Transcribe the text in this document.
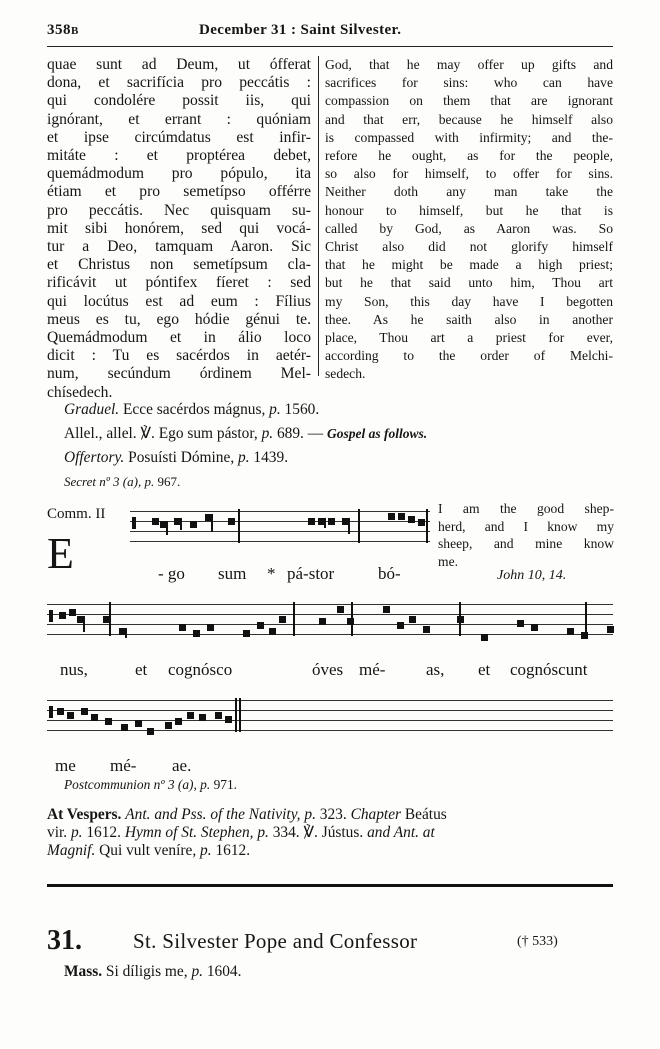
358B	December 31 : Saint Silvester.
quae sunt ad Deum, ut ófferat
dona, et sacrifícia pro peccátis :
qui condolére possit iis, qui
ignórant, et errant : quóniam
et ipse circúmdatus est infir-
mitáte : et proptérea debet,
quemádmodum pro pópulo, ita
étiam et pro semetípso offérre
pro peccátis. Nec quisquam su-
mit sibi honórem, sed qui vocá-
tur a Deo, tamquam Aaron. Sic
et Christus non semetípsum cla-
rificávit ut póntifex fíeret : sed
qui locútus est ad eum : Fílius
meus es tu, ego hódie génui te.
Quemádmodum et in álio loco
dicit : Tu es sacérdos in aetér-
num, secúndum órdinem Mel-
chísedech.
God, that he may offer up gifts and
sacrifices for sins: who can have
compassion on them that are ignorant
and that err, because he himself also
is compassed with infirmity; and the-
refore he ought, as for the people,
so also for himself, to offer for sins.
Neither doth any man take the
honour to himself, but he that is
called by God, as Aaron was. So
Christ also did not glorify himself
that he might be made a high priest;
but he that said unto him, Thou art
my Son, this day have I begotten
thee. As he saith also in another
place, Thou art a priest for ever,
according to the order of Melchi-
sedech.
Graduel. Ecce sacérdos mágnus, p. 1560.
Allel., allel. ℣. Ego sum pástor, p. 689. — Gospel as follows.
Offertory. Posuísti Dómine, p. 1439.
Secret nº 3 (a), p. 967.
Comm. II
E
I am the good shep-
herd, and I know my
sheep, and mine know
me.
John 10, 14.
- go sum * pá-stor	bó-
nus,	et cognósco	óves mé- as, et cognóscunt
me mé- ae.
Postcommunion nº 3 (a), p. 971.
At Vespers. Ant. and Pss. of the Nativity, p. 323. Chapter Beátus
vir. p. 1612. Hymn of St. Stephen, p. 334. ℣. Jústus. and Ant. at
Magnif. Qui vult veníre, p. 1612.
31. St. Silvester Pope and Confessor	(† 533)
Mass. Si díligis me, p. 1604.
